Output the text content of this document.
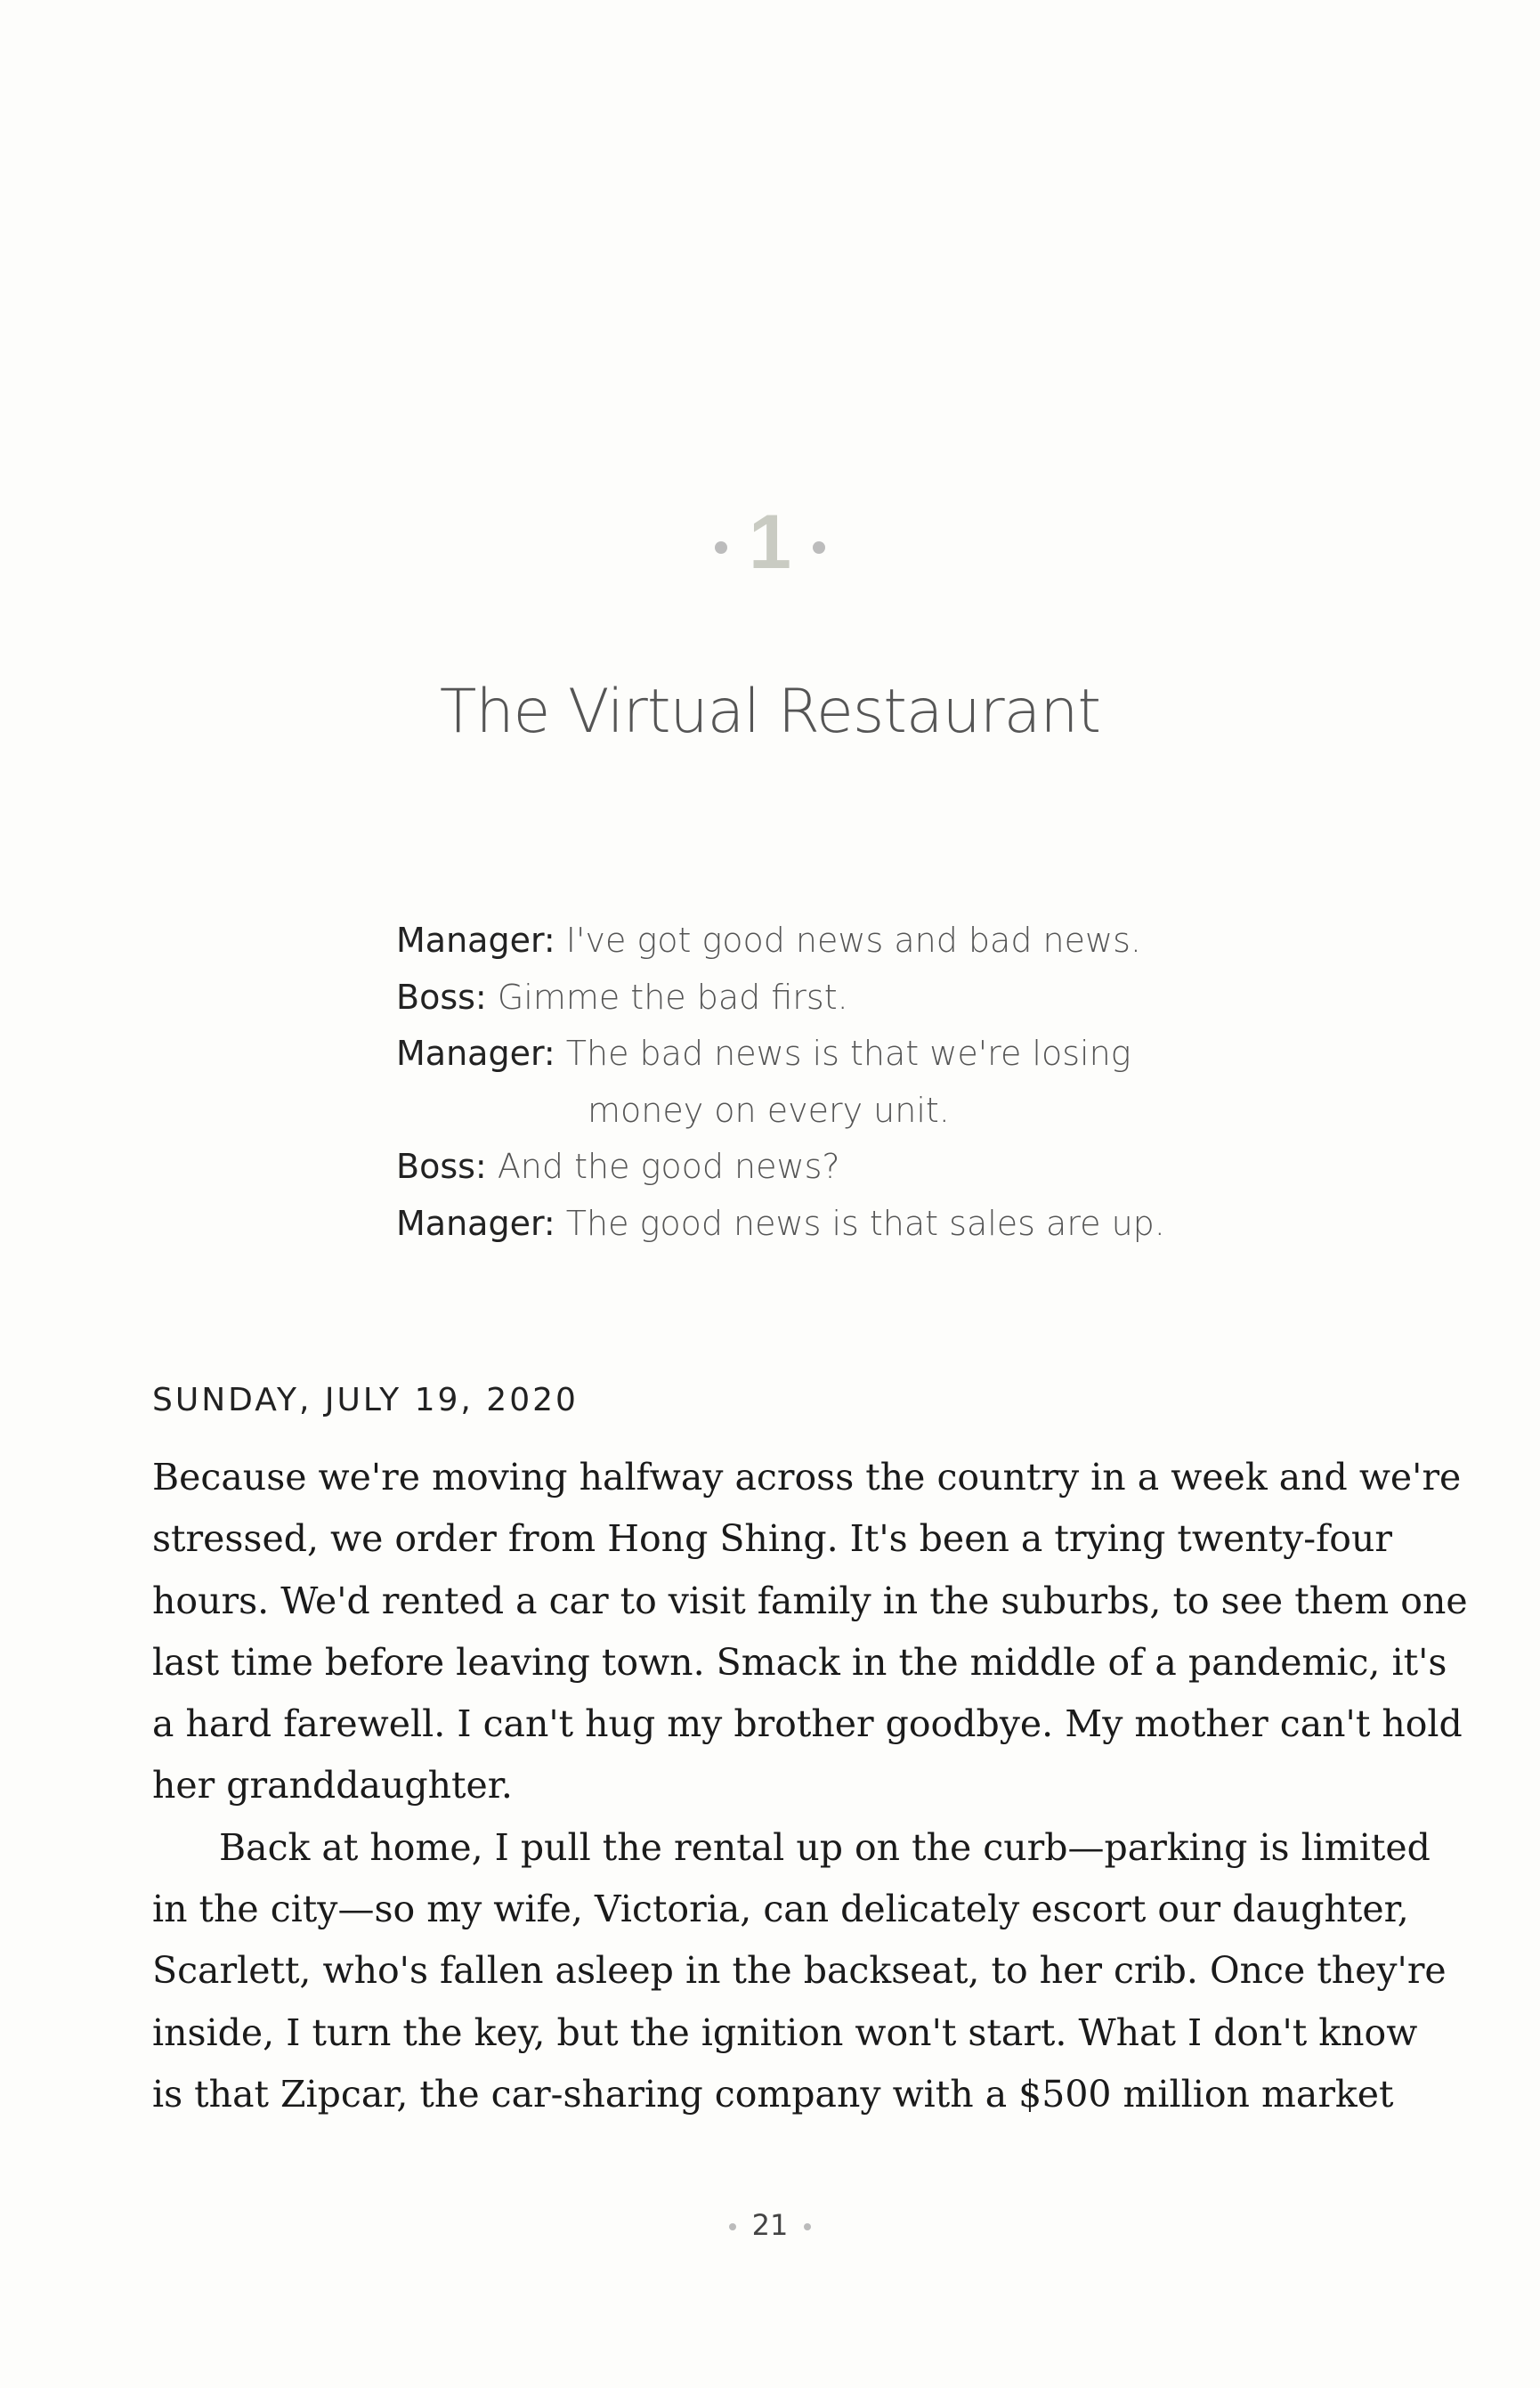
1
The Virtual Restaurant
Manager: I've got good news and bad news.
Boss: Gimme the bad first.
Manager: The bad news is that we're losing
money on every unit.
Boss: And the good news?
Manager: The good news is that sales are up.
SUNDAY, JULY 19, 2020
Because we're moving halfway across the country in a week and we're
stressed, we order from Hong Shing. It's been a trying twenty-four
hours. We'd rented a car to visit family in the suburbs, to see them one
last time before leaving town. Smack in the middle of a pandemic, it's
a hard farewell. I can't hug my brother goodbye. My mother can't hold
her granddaughter.
Back at home, I pull the rental up on the curb—parking is limited
in the city—so my wife, Victoria, can delicately escort our daughter,
Scarlett, who's fallen asleep in the backseat, to her crib. Once they're
inside, I turn the key, but the ignition won't start. What I don't know
is that Zipcar, the car-sharing company with a $500 million market
21
